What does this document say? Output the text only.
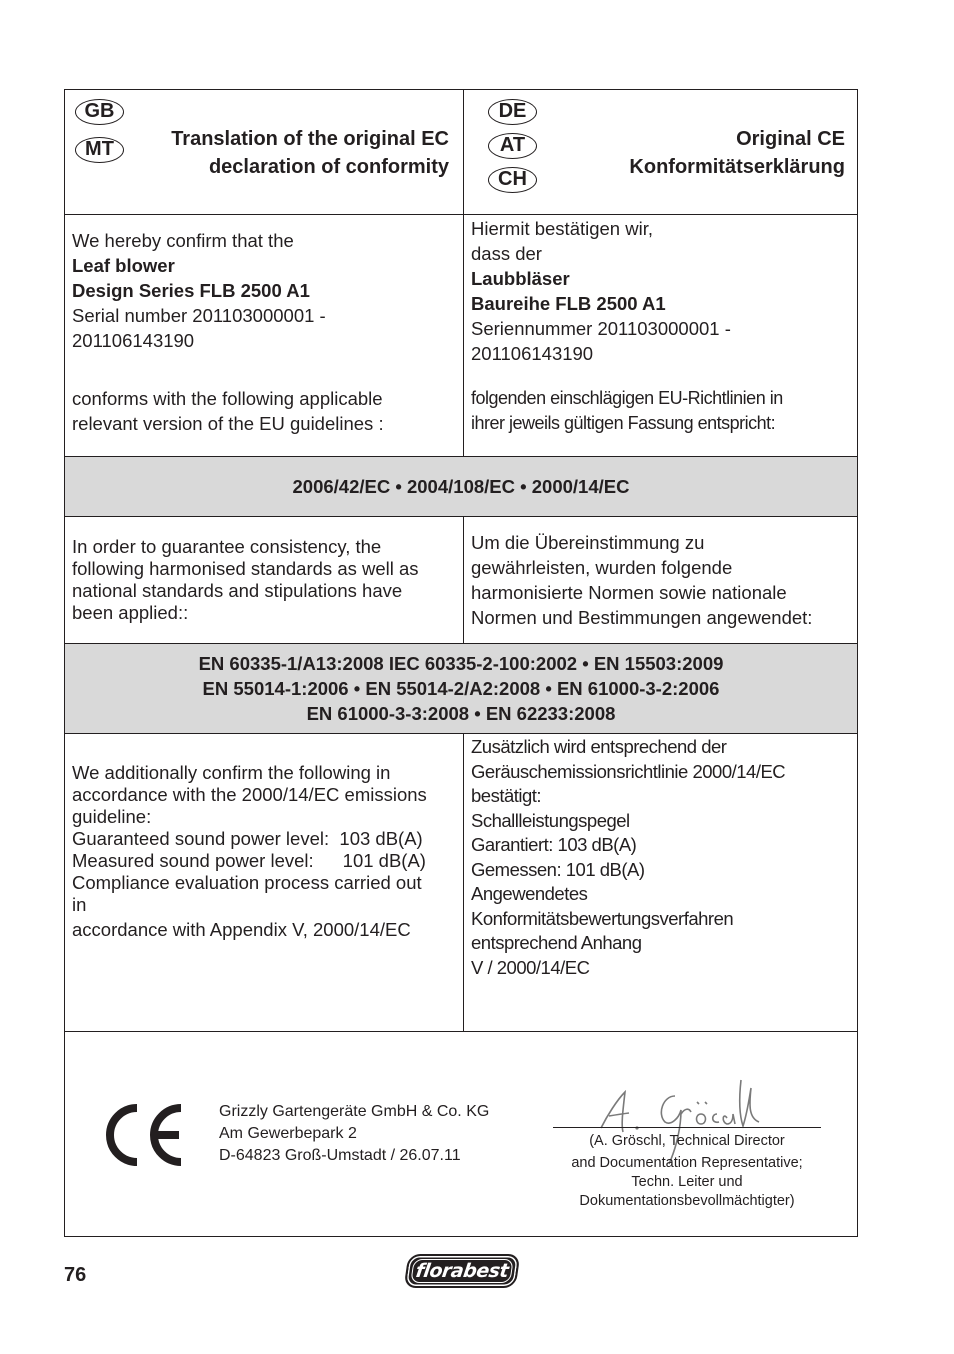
GB
MT	Translation of the original EC
declaration of conformity
DE
AT
CH
Original CE
Konformitätserklärung
We hereby confirm that the
Leaf blower
Design Series FLB 2500 A1
Serial number 201103000001 -
201106143190
conforms with the following applicable
relevant version of the EU guidelines :
Hiermit bestätigen wir,
dass der
Laubbläser
Baureihe FLB 2500 A1
Seriennummer 201103000001 -
201106143190
folgenden einschlägigen EU-Richtlinien in
ihrer jeweils gültigen Fassung entspricht:
2006/42/EC • 2004/108/EC • 2000/14/EC
In order to guarantee consistency, the
following harmonised standards as well as
national standards and stipulations have
been applied::
Um die Übereinstimmung zu
gewährleisten, wurden folgende
harmonisierte Normen sowie nationale
Normen und Bestimmungen angewendet:
EN 60335-1/A13:2008 IEC 60335-2-100:2002 • EN 15503:2009
EN 55014-1:2006 • EN 55014-2/A2:2008 • EN 61000-3-2:2006
EN 61000-3-3:2008 • EN 62233:2008
We additionally confirm the following in
accordance with the 2000/14/EC emissions
guideline:
Guaranteed sound power level: 103 dB(A)
Measured sound power level: 101 dB(A)
Compliance evaluation process carried out
in
accordance with Appendix V, 2000/14/EC
Zusätzlich wird entsprechend der
Geräuschemissionsrichtlinie 2000/14/EC
bestätigt:
Schallleistungspegel
Garantiert: 103 dB(A)
Gemessen: 101 dB(A)
Angewendetes
Konformitätsbewertungsverfahren
entsprechend Anhang
V / 2000/14/EC
Grizzly Gartengeräte GmbH & Co. KG
Am Gewerbepark 2
D-64823 Groß-Umstadt / 26.07.11
(A. Gröschl, Technical Director
and Documentation Representative;
Techn. Leiter und
Dokumentationsbevollmächtigter)
76	florabest
